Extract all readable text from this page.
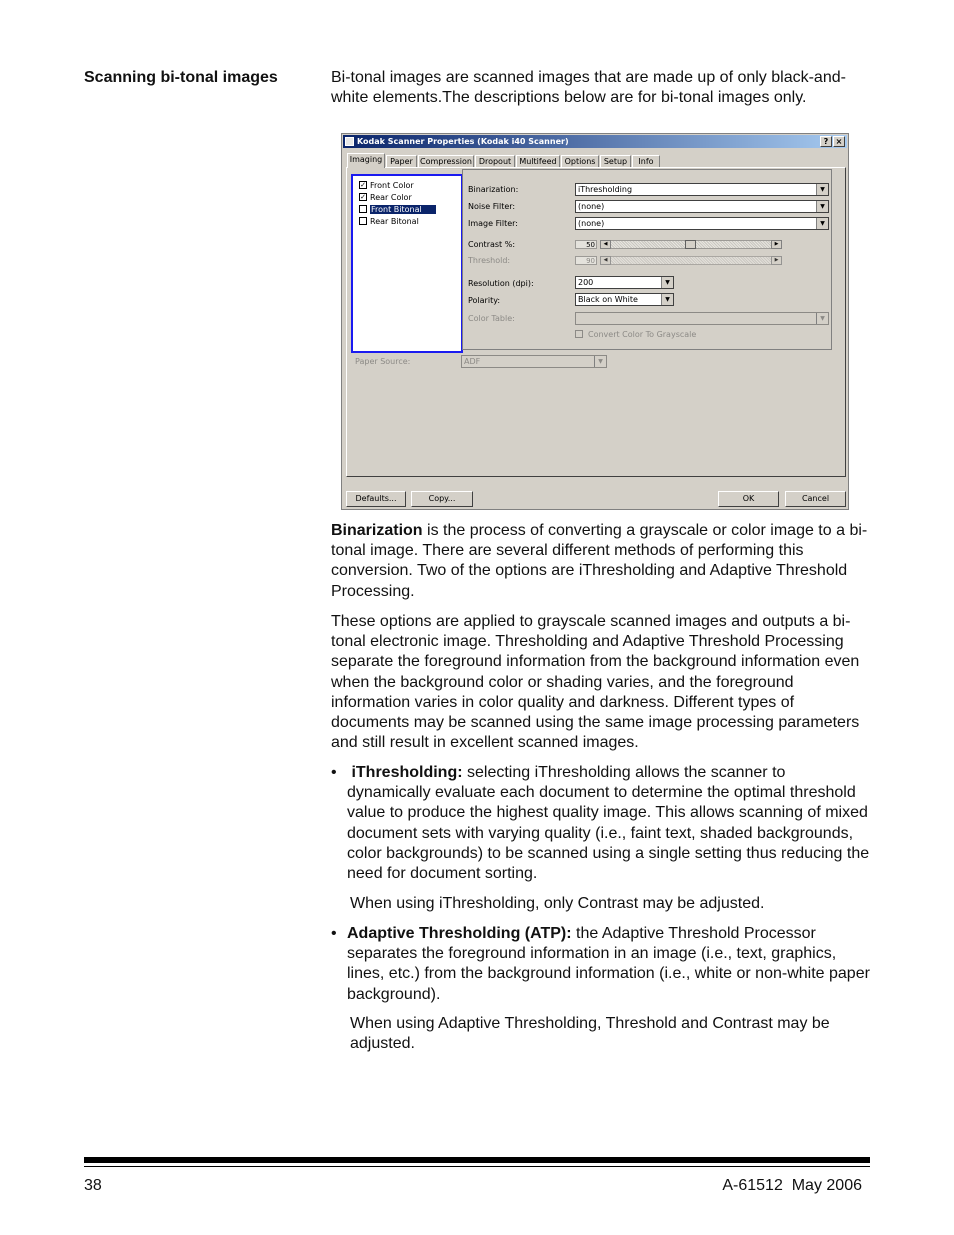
Scanning bi-tonal images	Bi-tonal images are scanned images that are made up of only black-and-white elements.The descriptions below are for bi-tonal images only.

Kodak Scanner Properties (Kodak i40 Scanner)	? ×
Imaging Paper Compression Dropout	Multifeed Options	Setup	Info
✓ Front Color
✓ Rear Color
Front Bitonal
Rear Bitonal
Binarization:	iThresholding	▼
Noise Filter:	(none)	▼
Image Filter:	(none)	▼
Contrast %:	50	◀	▶
Threshold:	90	◀	▶
Resolution (dpi):	200	▼
Polarity:	Black on White	▼
Color Table:	▼
Convert Color To Grayscale
Paper Source:	ADF	▼
Defaults...	Copy...	OK	Cancel

Binarization is the process of converting a grayscale or color image to a bi-tonal image. There are several different methods of performing this conversion. Two of the options are iThresholding and Adaptive Threshold Processing.

These options are applied to grayscale scanned images and outputs a bi-tonal electronic image. Thresholding and Adaptive Threshold Processing separate the foreground information from the background information even when the background color or shading varies, and the foreground information varies in color quality and darkness. Different types of documents may be scanned using the same image processing parameters and still result in excellent scanned images.

• iThresholding: selecting iThresholding allows the scanner to dynamically evaluate each document to determine the optimal threshold value to produce the highest quality image. This allows scanning of mixed document sets with varying quality (i.e., faint text, shaded backgrounds, color backgrounds) to be scanned using a single setting thus reducing the need for document sorting.
When using iThresholding, only Contrast may be adjusted.
• Adaptive Thresholding (ATP): the Adaptive Threshold Processor separates the foreground information in an image (i.e., text, graphics, lines, etc.) from the background information (i.e., white or non-white paper background).
When using Adaptive Thresholding, Threshold and Contrast may be adjusted.
38	A-61512  May 2006
